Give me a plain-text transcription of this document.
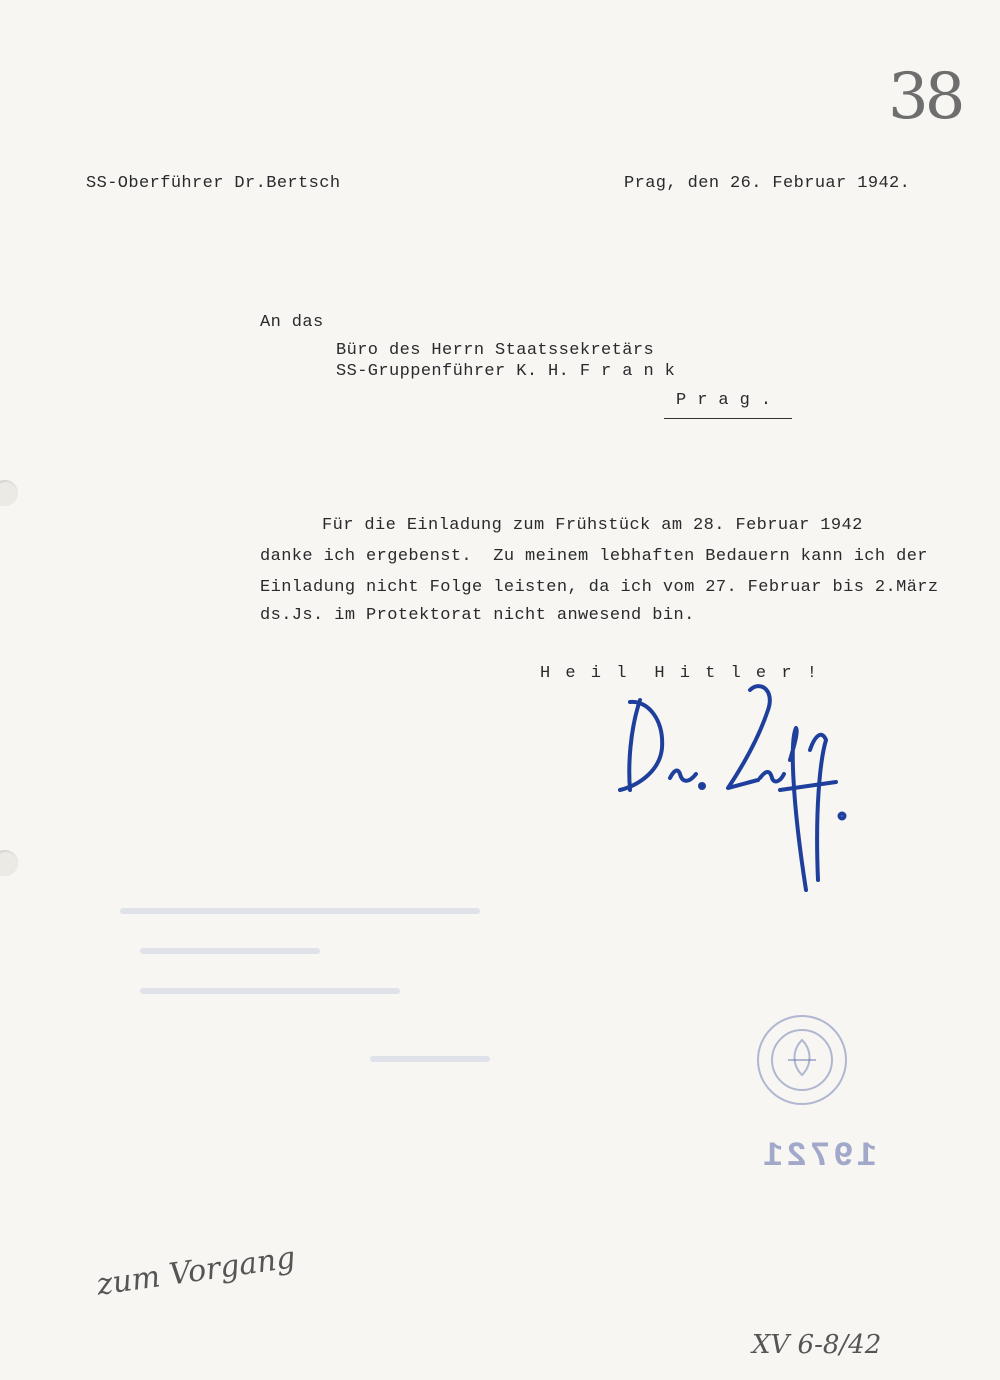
38

SS-Oberführer Dr.Bertsch	Prag, den 26. Februar 1942.

An das

Büro des Herrn Staatssekretärs

SS-Gruppenführer K. H. F r a n k

P r a g .

Für die Einladung zum Frühstück am 28. Februar 1942

danke ich ergebenst.  Zu meinem lebhaften Bedauern kann ich der

Einladung nicht Folge leisten, da ich vom 27. Februar bis 2.März

ds.Js. im Protektorat nicht anwesend bin.

H e i l  H i t l e r !

19721
zum Vorgang
XV 6-8/42
